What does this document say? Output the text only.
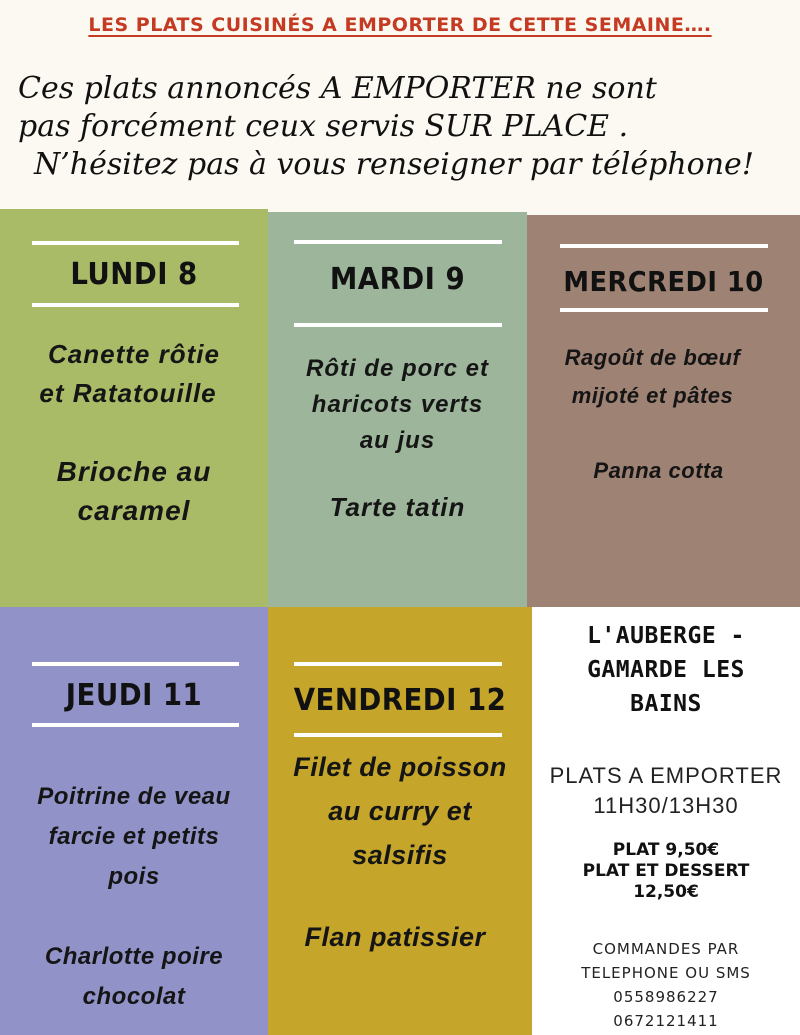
LES PLATS CUISINÉS A EMPORTER DE CETTE SEMAINE….
Ces plats annoncés A EMPORTER ne sont
pas forcément ceux servis SUR PLACE .
N’hésitez pas à vous renseigner par téléphone!
LUNDI 8
Canette rôtie
et Ratatouille
Brioche au
caramel
MARDI 9
Rôti de porc et
haricots verts
au jus
Tarte tatin
MERCREDI 10
Ragoût de bœuf
mijoté et pâtes
Panna cotta
JEUDI 11
Poitrine de veau
farcie et petits
pois
Charlotte poire
chocolat
VENDREDI 12
Filet de poisson
au curry et
salsifis
Flan patissier
L'AUBERGE -
GAMARDE LES
BAINS
PLATS A EMPORTER
11H30/13H30
PLAT 9,50€
PLAT ET DESSERT
12,50€
COMMANDES PAR
TELEPHONE OU SMS
0558986227
0672121411
